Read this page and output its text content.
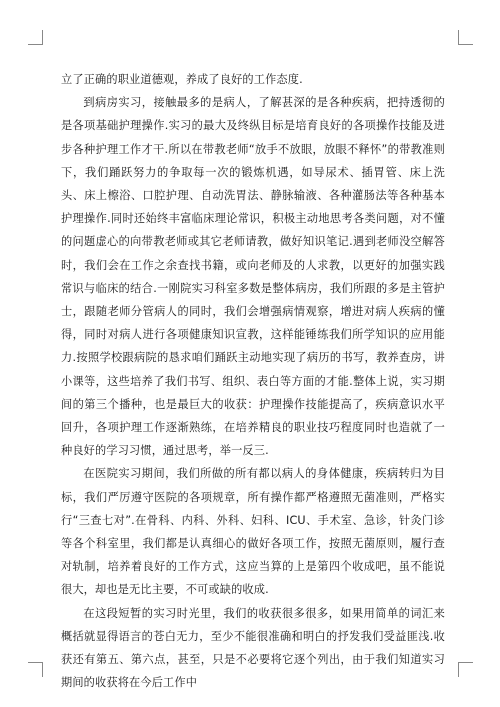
立了正确的职业道德观，养成了良好的工作态度.

到病房实习，接触最多的是病人，了解甚深的是各种疾病，把持透彻的是各项基础护理操作.实习的最大及终纵目标是培育良好的各项操作技能及进步各种护理工作才干.所以在带教老师“放手不放眼，放眼不释怀”的带教准则下，我们踊跃努力的争取每一次的锻炼机遇，如导尿术、插胃管、床上洗头、床上檫浴、口腔护理、自动洗胃法、静脉输液、各种灌肠法等各种基本护理操作.同时还始终丰富临床理论常识，积极主动地思考各类问题，对不懂的问题虚心的向带教老师或其它老师请教，做好知识笔记.遇到老师没空解答时，我们会在工作之余查找书籍，或向老师及的人求教，以更好的加强实践常识与临床的结合.一刚院实习科室多数是整体病房，我们所跟的多是主管护士，跟随老师分管病人的同时，我们会增强病情观察，增进对病人疾病的懂得，同时对病人进行各项健康知识宣教，这样能锤练我们所学知识的应用能力.按照学校跟病院的恳求咱们踊跃主动地实现了病历的书写，教养查房，讲小课等，这些培养了我们书写、组织、表白等方面的才能.整体上说，实习期间的第三个播种，也是最巨大的收获：护理操作技能提高了，疾病意识水平回升，各项护理工作逐渐熟练，在培养精良的职业技巧程度同时也造就了一种良好的学习习惯，通过思考，举一反三.

在医院实习期间，我们所做的所有都以病人的身体健康，疾病转归为目标，我们严厉遵守医院的各项规章，所有操作都严格遵照无菌准则，严格实行“三查七对”.在骨科、内科、外科、妇科、ICU、手术室、急诊，针灸门诊等各个科室里，我们都是认真细心的做好各项工作，按照无菌原则，履行查对轨制，培养着良好的工作方式，这应当算的上是第四个收成吧，虽不能说很大，却也是无比主要，不可或缺的收成.

在这段短暂的实习时光里，我们的收获很多很多，如果用简单的词汇来概括就显得语言的苍白无力，至少不能很准确和明白的抒发我们受益匪浅.收获还有第五、第六点，甚至，只是不必要将它逐个列出，由于我们知道实习期间的收获将在今后工作中
